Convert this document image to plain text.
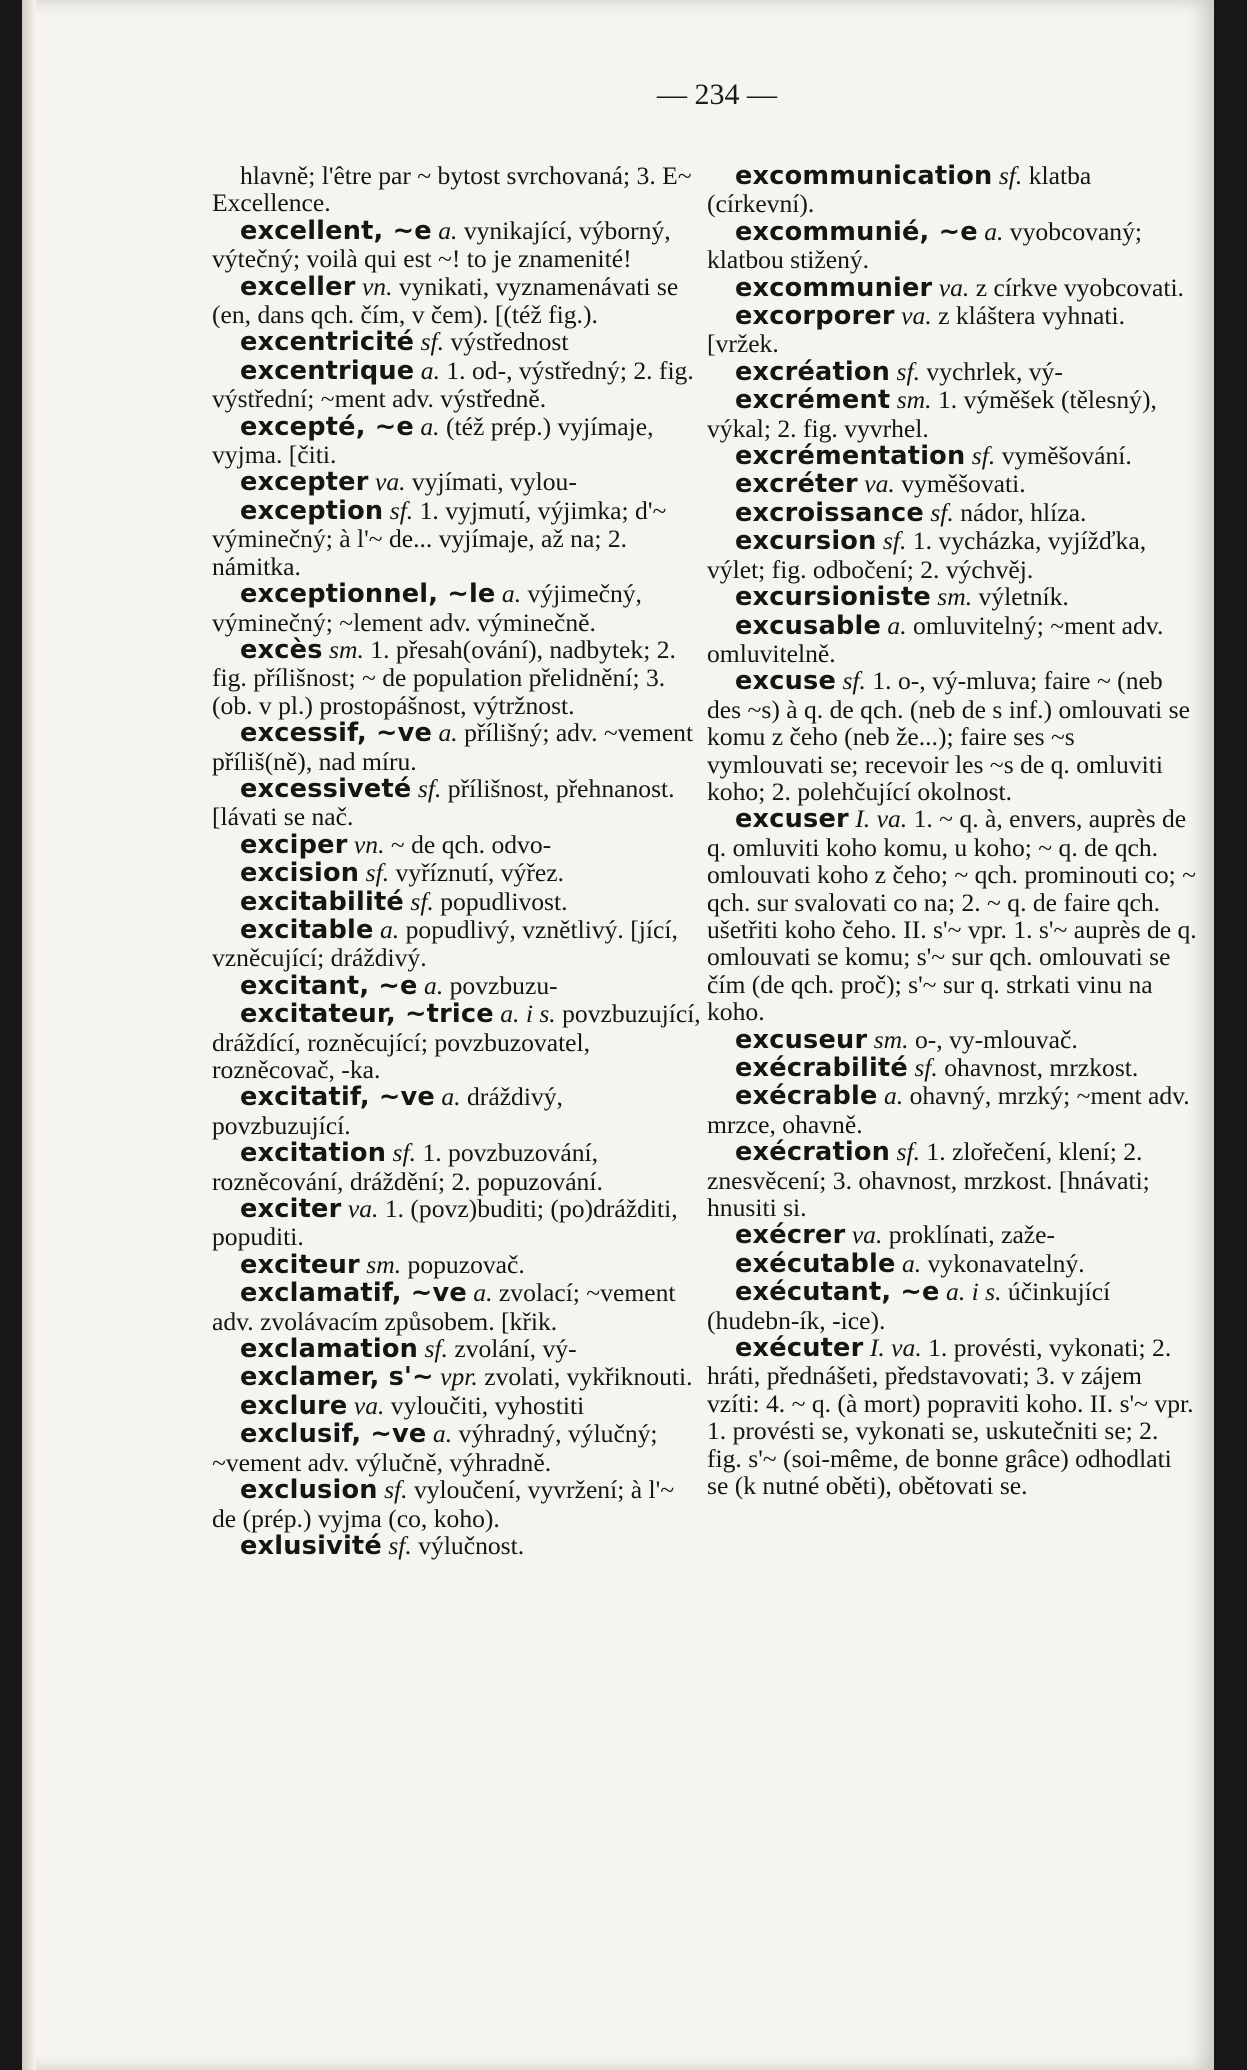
— 234 —

hlavně; l'être par ~ bytost svrchovaná; 3. E~ Excellence.

excellent, ~e a. vynikající, výborný, výtečný; voilà qui est ~! to je znamenité!

exceller vn. vynikati, vyznamenávati se (en, dans qch. čím, v čem). [(též fig.).

excentricité sf. výstřednost

excentrique a. 1. od-, výstředný; 2. fig. výstřední; ~ment adv. výstředně.

excepté, ~e a. (též prép.) vyjímaje, vyjma. [čiti.

excepter va. vyjímati, vylou-

exception sf. 1. vyjmutí, výjimka; d'~ výminečný; à l'~ de... vyjímaje, až na; 2. námitka.

exceptionnel, ~le a. výjimečný, výminečný; ~lement adv. výminečně.

excès sm. 1. přesah(ování), nadbytek; 2. fig. přílišnost; ~ de population přelidnění; 3. (ob. v pl.) prostopášnost, výtržnost.

excessif, ~ve a. přílišný; adv. ~vement příliš(ně), nad míru.

excessiveté sf. přílišnost, přehnanost. [lávati se nač.

exciper vn. ~ de qch. odvo-

excision sf. vyříznutí, výřez.

excitabilité sf. popudlivost.

excitable a. popudlivý, vznětlivý. [jící, vzněcující; dráždivý.

excitant, ~e a. povzbuzu-

excitateur, ~trice a. i s. povzbuzující, dráždící, rozněcující; povzbuzovatel, rozněcovač, -ka.

excitatif, ~ve a. dráždivý, povzbuzující.

excitation sf. 1. povzbuzování, rozněcování, dráždění; 2. popuzování.

exciter va. 1. (povz)buditi; (po)drážditi, popuditi.

exciteur sm. popuzovač.

exclamatif, ~ve a. zvolací; ~vement adv. zvolávacím způsobem. [křik.

exclamation sf. zvolání, vý-

exclamer, s'~ vpr. zvolati, vykřiknouti.

exclure va. vyloučiti, vyhostiti

exclusif, ~ve a. výhradný, výlučný; ~vement adv. výlučně, výhradně.

exclusion sf. vyloučení, vyvržení; à l'~ de (prép.) vyjma (co, koho).

exlusivité sf. výlučnost.

excommunication sf. klatba (církevní).

excommunié, ~e a. vyobcovaný; klatbou stižený.

excommunier va. z církve vyobcovati.

excorporer va. z kláštera vyhnati. [vržek.

excréation sf. vychrlek, vý-

excrément sm. 1. výměšek (tělesný), výkal; 2. fig. vyvrhel.

excrémentation sf. vyměšování.

excréter va. vyměšovati.

excroissance sf. nádor, hlíza.

excursion sf. 1. vycházka, vyjížďka, výlet; fig. odbočení; 2. výchvěj.

excursioniste sm. výletník.

excusable a. omluvitelný; ~ment adv. omluvitelně.

excuse sf. 1. o-, vý-mluva; faire ~ (neb des ~s) à q. de qch. (neb de s inf.) omlouvati se komu z čeho (neb že...); faire ses ~s vymlouvati se; recevoir les ~s de q. omluviti koho; 2. polehčující okolnost.

excuser I. va. 1. ~ q. à, envers, auprès de q. omluviti koho komu, u koho; ~ q. de qch. omlouvati koho z čeho; ~ qch. prominouti co; ~ qch. sur svalovati co na; 2. ~ q. de faire qch. ušetřiti koho čeho. II. s'~ vpr. 1. s'~ auprès de q. omlouvati se komu; s'~ sur qch. omlouvati se čím (de qch. proč); s'~ sur q. strkati vinu na koho.

excuseur sm. o-, vy-mlouvač.

exécrabilité sf. ohavnost, mrzkost.

exécrable a. ohavný, mrzký; ~ment adv. mrzce, ohavně.

exécration sf. 1. zlořečení, klení; 2. znesvěcení; 3. ohavnost, mrzkost. [hnávati; hnusiti si.

exécrer va. proklínati, zaže-

exécutable a. vykonavatelný.

exécutant, ~e a. i s. účinkující (hudebn-ík, -ice).

exécuter I. va. 1. provésti, vykonati; 2. hráti, přednášeti, představovati; 3. v zájem vzíti: 4. ~ q. (à mort) popraviti koho. II. s'~ vpr. 1. provésti se, vykonati se, uskutečniti se; 2. fig. s'~ (soi-même, de bonne grâce) odhodlati se (k nutné oběti), obětovati se.
